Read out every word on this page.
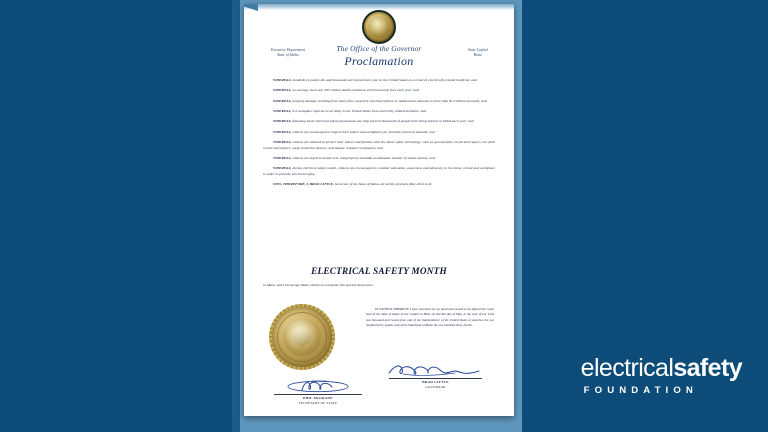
Executive Department
State of Idaho
State Capitol
Boise
The Office of the Governor
Proclamation

WHEREAS, hundreds of people die and thousands are injured each year in the United States as a result of electrically related incidents; and

WHEREAS, on average, there are 430 civilian deaths related to electrical home fires each year; and

WHEREAS, property damage resulting from home fires caused by electrical failure or malfunction amounts to more than $1.3 billion annually; and

WHEREAS, 9.4 workplace injuries occur daily in the United States from electricity related incidents; and

WHEREAS, following basic electrical safety precautions can help prevent thousands of people from being injured or killed each year; and

WHEREAS, citizens are encouraged to inspect their homes and workplaces for possible electrical hazards; and

WHEREAS, citizens are advised to protect their homes and families with the latest safety technology, such as ground fault circuit interrupters, arc fault circuit interrupters, surge protective devices, and tamper resistant receptacles; and

WHEREAS, citizens are urged to install, test, and properly maintain an adequate number of smoke alarms; and

WHEREAS, during electrical safety month, citizens are encouraged to consider education, awareness and advocacy in the home, school and workplace in order to promote electrical safety.

NOW, THEREFORE, I, BRAD LITTLE, Governor of the State of Idaho, do hereby proclaim May 2024 to be

ELECTRICAL SAFETY MONTH
in Idaho, and I encourage Idaho citizens to recognize this special observance.
IN WITNESS WHEREOF, I have hereunto set my hand and caused to be affixed the Great Seal of the State of Idaho at the Capitol in Boise on this 8th day of May, in the year of our Lord two thousand and twenty-four, and of the Independence of the United States of America the two hundred forty-eighth, and of the Statehood of Idaho the one hundred thirty-fourth.
BRAD LITTLE
GOVERNOR
PHIL McGRANE
SECRETARY OF STATE
electricalsafety
FOUNDATION
